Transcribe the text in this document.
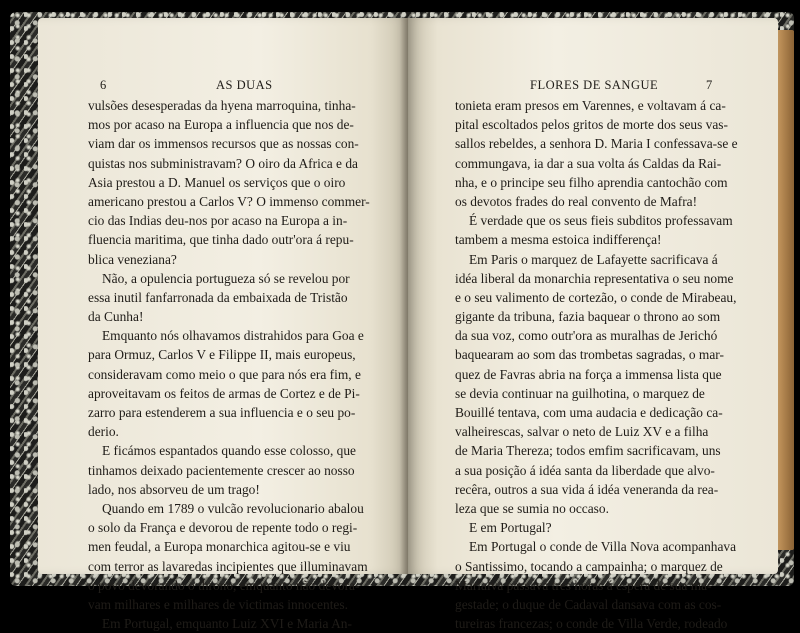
6	AS DUAS
vulsões desesperadas da hyena marroquina, tinha-
mos por acaso na Europa a influencia que nos de-
viam dar os immensos recursos que as nossas con-
quistas nos subministravam? O oiro da Africa e da
Asia prestou a D. Manuel os serviços que o oiro
americano prestou a Carlos V? O immenso commer-
cio das Indias deu-nos por acaso na Europa a in-
fluencia maritima, que tinha dado outr'ora á repu-
blica veneziana?
Não, a opulencia portugueza só se revelou por
essa inutil fanfarronada da embaixada de Tristão
da Cunha!
Emquanto nós olhavamos distrahidos para Goa e
para Ormuz, Carlos V e Filippe II, mais europeus,
consideravam como meio o que para nós era fim, e
aproveitavam os feitos de armas de Cortez e de Pi-
zarro para estenderem a sua influencia e o seu po-
derio.
E ficámos espantados quando esse colosso, que
tinhamos deixado pacientemente crescer ao nosso
lado, nos absorveu de um trago!
Quando em 1789 o vulcão revolucionario abalou
o solo da França e devorou de repente todo o regi-
men feudal, a Europa monarchica agitou-se e viu
com terror as lavaredas incipientes que illuminavam
o povo devorando o throno, emquanto não devora-
vam milhares e milhares de victimas innocentes.
Em Portugal, emquanto Luiz XVI e Maria An-
FLORES DE SANGUE	7
tonieta eram presos em Varennes, e voltavam á ca-
pital escoltados pelos gritos de morte dos seus vas-
sallos rebeldes, a senhora D. Maria I confessava-se e
commungava, ia dar a sua volta ás Caldas da Rai-
nha, e o principe seu filho aprendia cantochão com
os devotos frades do real convento de Mafra!
É verdade que os seus fieis subditos professavam
tambem a mesma estoica indifferença!
Em Paris o marquez de Lafayette sacrificava á
idéa liberal da monarchia representativa o seu nome
e o seu valimento de cortezão, o conde de Mirabeau,
gigante da tribuna, fazia baquear o throno ao som
da sua voz, como outr'ora as muralhas de Jerichó
baquearam ao som das trombetas sagradas, o mar-
quez de Favras abria na força a immensa lista que
se devia continuar na guilhotina, o marquez de
Bouillé tentava, com uma audacia e dedicação ca-
valheirescas, salvar o neto de Luiz XV e a filha
de Maria Thereza; todos emfim sacrificavam, uns
a sua posição á idéa santa da liberdade que alvo-
recêra, outros a sua vida á idéa veneranda da rea-
leza que se sumia no occaso.
E em Portugal?
Em Portugal o conde de Villa Nova acompanhava
o Santissimo, tocando a campainha; o marquez de
Marialva passava tres horas á espera de sua ma-
gestade; o duque de Cadaval dansava com as cos-
tureiras francezas; o conde de Villa Verde, rodeado
